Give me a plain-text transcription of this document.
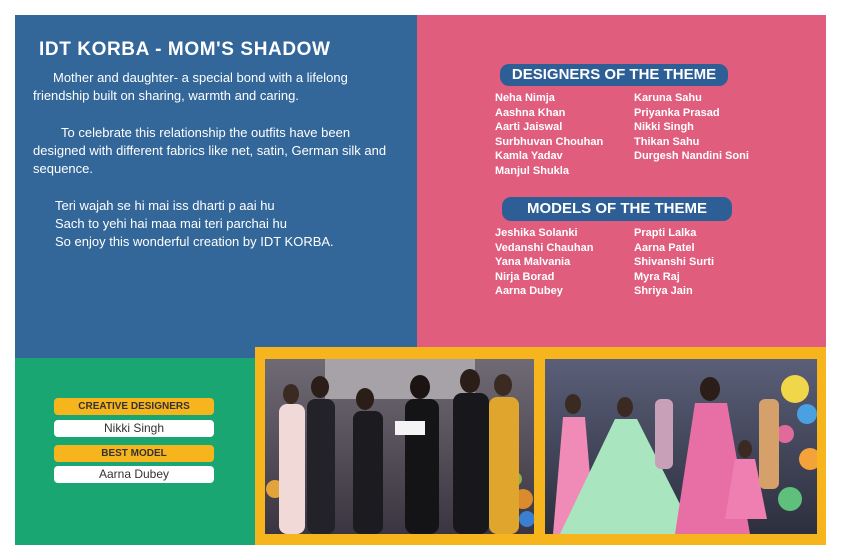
IDT KORBA - MOM'S SHADOW
Mother and daughter- a special bond with a lifelong friendship built on sharing, warmth and caring.
To celebrate this relationship the outfits have been designed with different fabrics like net, satin, German silk and sequence.
Teri wajah se hi mai iss dharti p aai hu
Sach to yehi hai maa mai teri parchai hu
So enjoy this wonderful creation by IDT KORBA.
DESIGNERS OF THE THEME
Neha Nimja
Aashna Khan
Aarti Jaiswal
Surbhuvan Chouhan
Kamla Yadav
Manjul Shukla
Karuna Sahu
Priyanka Prasad
Nikki Singh
Thikan Sahu
Durgesh Nandini Soni
MODELS OF THE THEME
Jeshika Solanki
Vedanshi Chauhan
Yana Malvania
Nirja Borad
Aarna Dubey
Prapti Lalka
Aarna Patel
Shivanshi Surti
Myra Raj
Shriya Jain
CREATIVE DESIGNERS
Nikki Singh
BEST MODEL
Aarna Dubey
